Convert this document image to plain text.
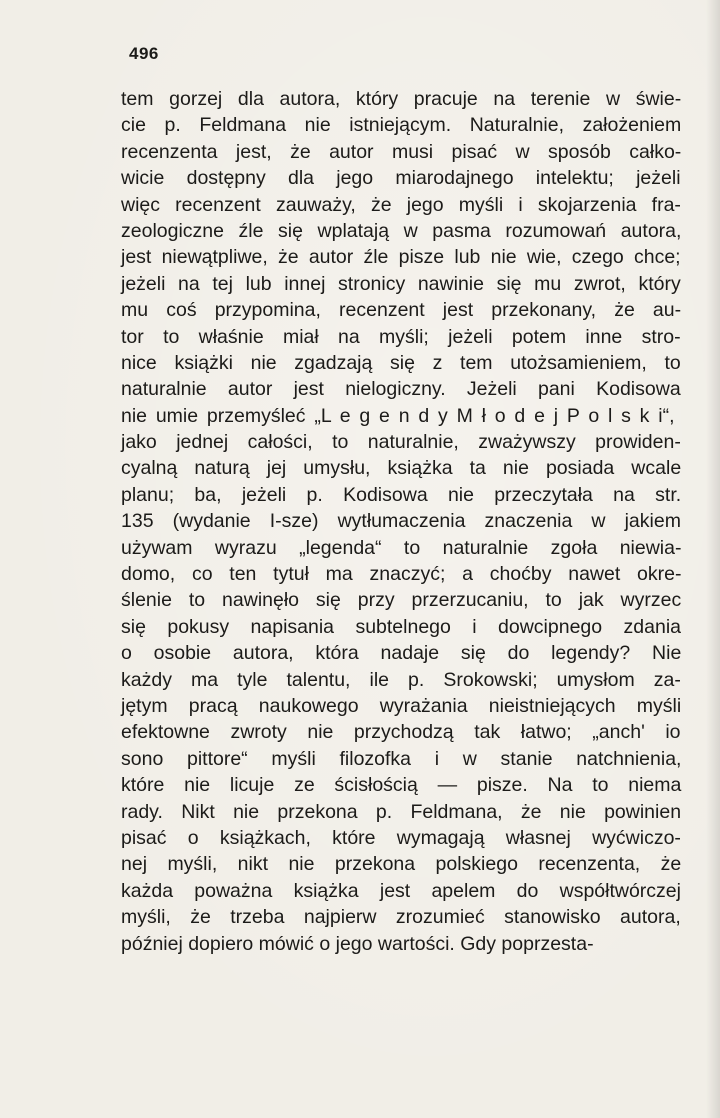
496
tem gorzej dla autora, który pracuje na terenie w świe-
cie p. Feldmana nie istniejącym. Naturalnie, założeniem
recenzenta jest, że autor musi pisać w sposób całko-
wicie dostępny dla jego miarodajnego intelektu; jeżeli
więc recenzent zauważy, że jego myśli i skojarzenia fra-
zeologiczne źle się wplatają w pasma rozumowań autora,
jest niewątpliwe, że autor źle pisze lub nie wie, czego chce;
jeżeli na tej lub innej stronicy nawinie się mu zwrot, który
mu coś przypomina, recenzent jest przekonany, że au-
tor to właśnie miał na myśli; jeżeli potem inne stro-
nice książki nie zgadzają się z tem utożsamieniem, to
naturalnie autor jest nielogiczny. Jeżeli pani Kodisowa
nie umie przemyśleć „L e g e n d y M ł o d e j P o l s k i“,
jako jednej całości, to naturalnie, zważywszy prowiden-
cyalną naturą jej umysłu, książka ta nie posiada wcale
planu; ba, jeżeli p. Kodisowa nie przeczytała na str.
135 (wydanie I-sze) wytłumaczenia znaczenia w jakiem
używam wyrazu „legenda“ to naturalnie zgoła niewia-
domo, co ten tytuł ma znaczyć; a choćby nawet okre-
ślenie to nawinęło się przy przerzucaniu, to jak wyrzec
się pokusy napisania subtelnego i dowcipnego zdania
o osobie autora, która nadaje się do legendy? Nie
każdy ma tyle talentu, ile p. Srokowski; umysłom za-
jętym pracą naukowego wyrażania nieistniejących myśli
efektowne zwroty nie przychodzą tak łatwo; „anch' io
sono pittore“ myśli filozofka i w stanie natchnienia,
które nie licuje ze ścisłością — pisze. Na to niema
rady. Nikt nie przekona p. Feldmana, że nie powinien
pisać o książkach, które wymagają własnej wyćwiczo-
nej myśli, nikt nie przekona polskiego recenzenta, że
każda poważna książka jest apelem do współtwórczej
myśli, że trzeba najpierw zrozumieć stanowisko autora,
później dopiero mówić o jego wartości. Gdy poprzesta-
